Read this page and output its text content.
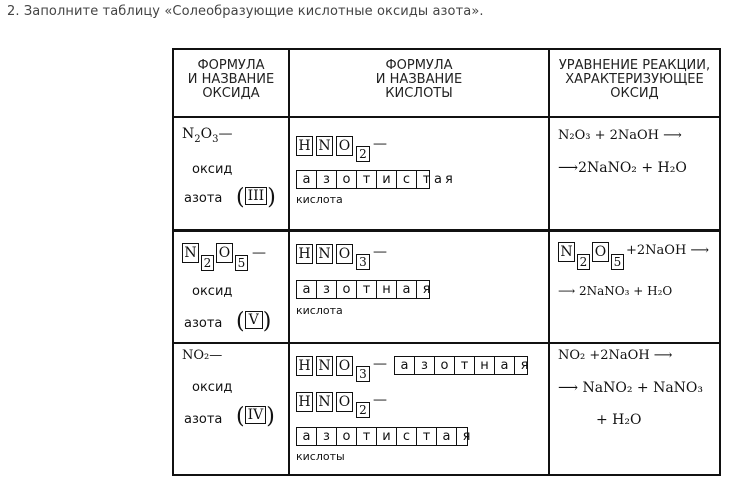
2. Заполните таблицу «Солеобразующие кислотные оксиды азота».
ФОРМУЛА
И НАЗВАНИЕ
ОКСИДА
ФОРМУЛА
И НАЗВАНИЕ
КИСЛОТЫ
УРАВНЕНИЕ РЕАКЦИИ,
ХАРАКТЕРИЗУЮЩЕЕ
ОКСИД
$N_2O_3—$
оксид
азота ( III )
H N O 2
—
а з о т и с т ая
кислота
N₂O₃ + 2NaOH ⟶
⟶2NaNO₂ + H₂O
N
2
O
5
—
оксид
азота ( V )
H N O 3
—
а з о т н а я
кислота
N
2
O
5
+2NaOH ⟶
⟶ 2NaNO₃ + H₂O
NO₂—
оксид
азота ( IV )
H N O 3
—	а з о т н а я
H N O 2
—
а з о т и с т а я
кислоты
NO₂ +2NaOH ⟶
⟶ NaNO₂ + NaNO₃
+ H₂O
